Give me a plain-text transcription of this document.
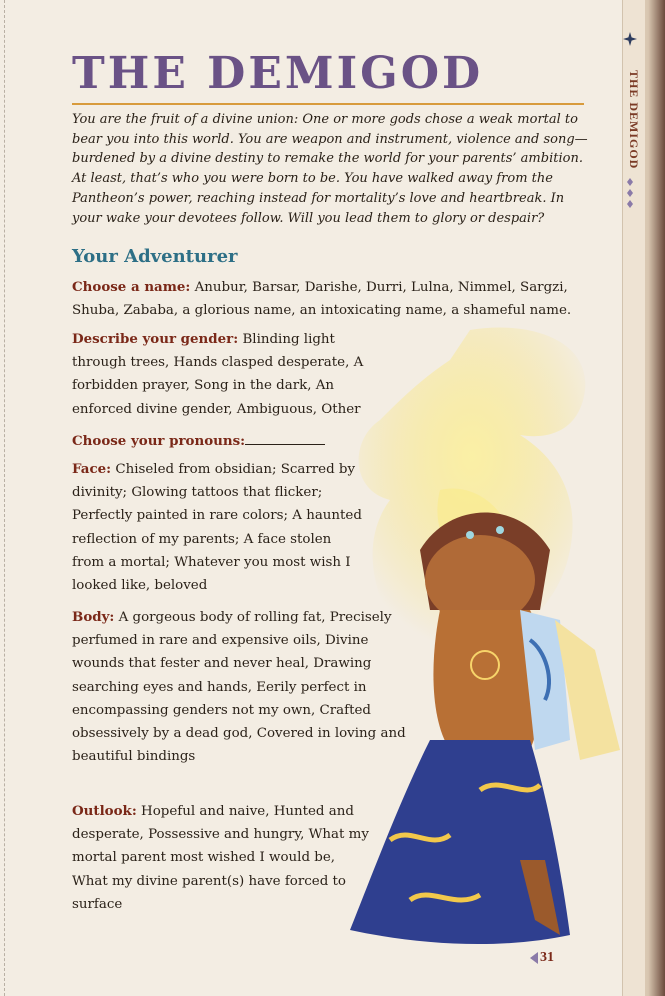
THE DEMIGOD
THE DEMIGOD

You are the fruit of a divine union: One or more gods chose a weak mortal to bear you into this world. You are weapon and instrument, violence and song—burdened by a divine destiny to remake the world for your parents’ ambition. At least, that’s who you were born to be. You have walked away from the Pantheon’s power, reaching instead for mortality’s love and heartbreak. In your wake your devotees follow. Will you lead them to glory or despair?

Your Adventurer

Choose a name: Anubur, Barsar, Darishe, Durri, Lulna, Nimmel, Sargzi, Shuba, Zababa, a glorious name, an intoxicating name, a shameful name.

Describe your gender: Blinding light through trees, Hands clasped desperate, A forbidden prayer, Song in the dark, An enforced divine gender, Ambiguous, Other

Choose your pronouns:

Face: Chiseled from obsidian; Scarred by divinity; Glowing tattoos that flicker; Perfectly painted in rare colors; A haunted reflection of my parents; A face stolen from a mortal; Whatever you most wish I looked like, beloved

Body: A gorgeous body of rolling fat, Precisely perfumed in rare and expensive oils, Divine wounds that fester and never heal, Drawing searching eyes and hands, Eerily perfect in encompassing genders not my own, Crafted obsessively by a dead god, Covered in loving and beautiful bindings

Outlook: Hopeful and naive, Hunted and desperate, Possessive and hungry, What my mortal parent most wished I would be, What my divine parent(s) have forced to surface

31
